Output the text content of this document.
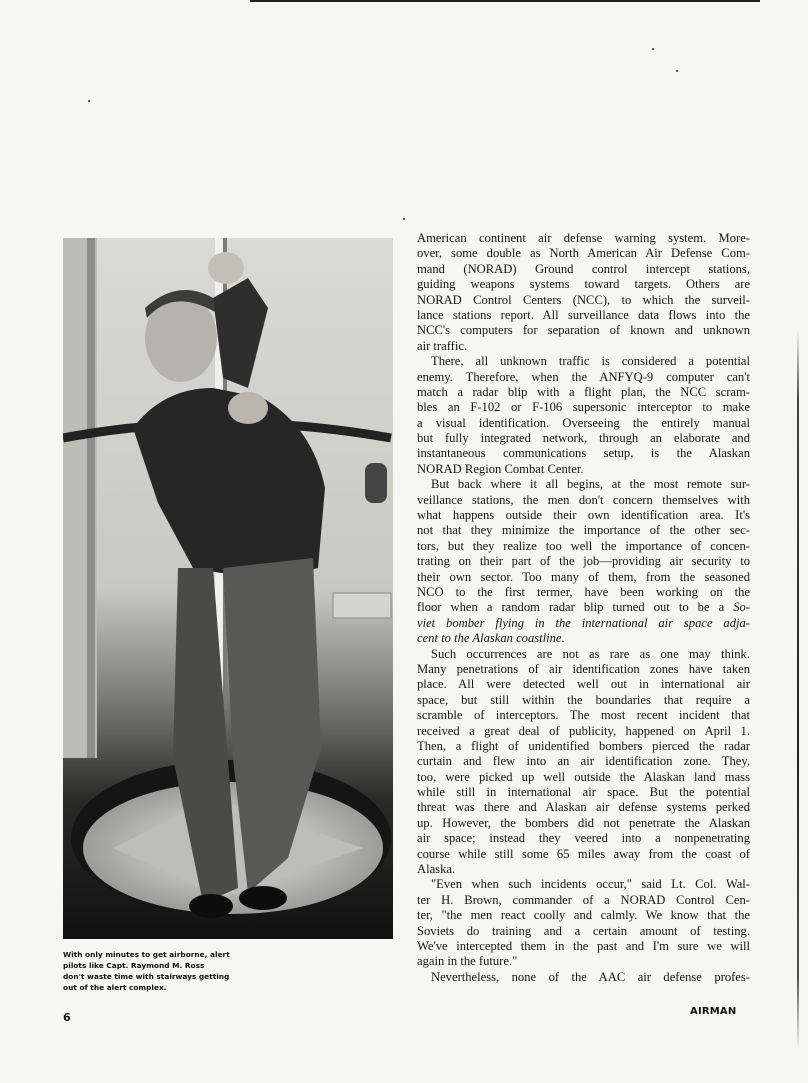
With only minutes to get airborne, alert
pilots like Capt. Raymond M. Ross
don't waste time with stairways getting
out of the alert complex.
American continent air defense warning system. More-
over, some double as North American Air Defense Com-
mand (NORAD) Ground control intercept stations,
guiding weapons systems toward targets. Others are
NORAD Control Centers (NCC), to which the surveil-
lance stations report. All surveillance data flows into the
NCC's computers for separation of known and unknown
air traffic.
There, all unknown traffic is considered a potential
enemy. Therefore, when the ANFYQ-9 computer can't
match a radar blip with a flight plan, the NCC scram-
bles an F-102 or F-106 supersonic interceptor to make
a visual identification. Overseeing the entirely manual
but fully integrated network, through an elaborate and
instantaneous communications setup, is the Alaskan
NORAD Region Combat Center.
But back where it all begins, at the most remote sur-
veillance stations, the men don't concern themselves with
what happens outside their own identification area. It's
not that they minimize the importance of the other sec-
tors, but they realize too well the importance of concen-
trating on their part of the job—providing air security to
their own sector. Too many of them, from the seasoned
NCO to the first termer, have been working on the
floor when a random radar blip turned out to be a So-
viet bomber flying in the international air space adja-
cent to the Alaskan coastline.
Such occurrences are not as rare as one may think.
Many penetrations of air identification zones have taken
place. All were detected well out in international air
space, but still within the boundaries that require a
scramble of interceptors. The most recent incident that
received a great deal of publicity, happened on April 1.
Then, a flight of unidentified bombers pierced the radar
curtain and flew into an air identification zone. They,
too, were picked up well outside the Alaskan land mass
while still in international air space. But the potential
threat was there and Alaskan air defense systems perked
up. However, the bombers did not penetrate the Alaskan
air space; instead they veered into a nonpenetrating
course while still some 65 miles away from the coast of
Alaska.
"Even when such incidents occur," said Lt. Col. Wal-
ter H. Brown, commander of a NORAD Control Cen-
ter, "the men react coolly and calmly. We know that the
Soviets do training and a certain amount of testing.
We've intercepted them in the past and I'm sure we will
again in the future."
Nevertheless, none of the AAC air defense profes-
6	AIRMAN
